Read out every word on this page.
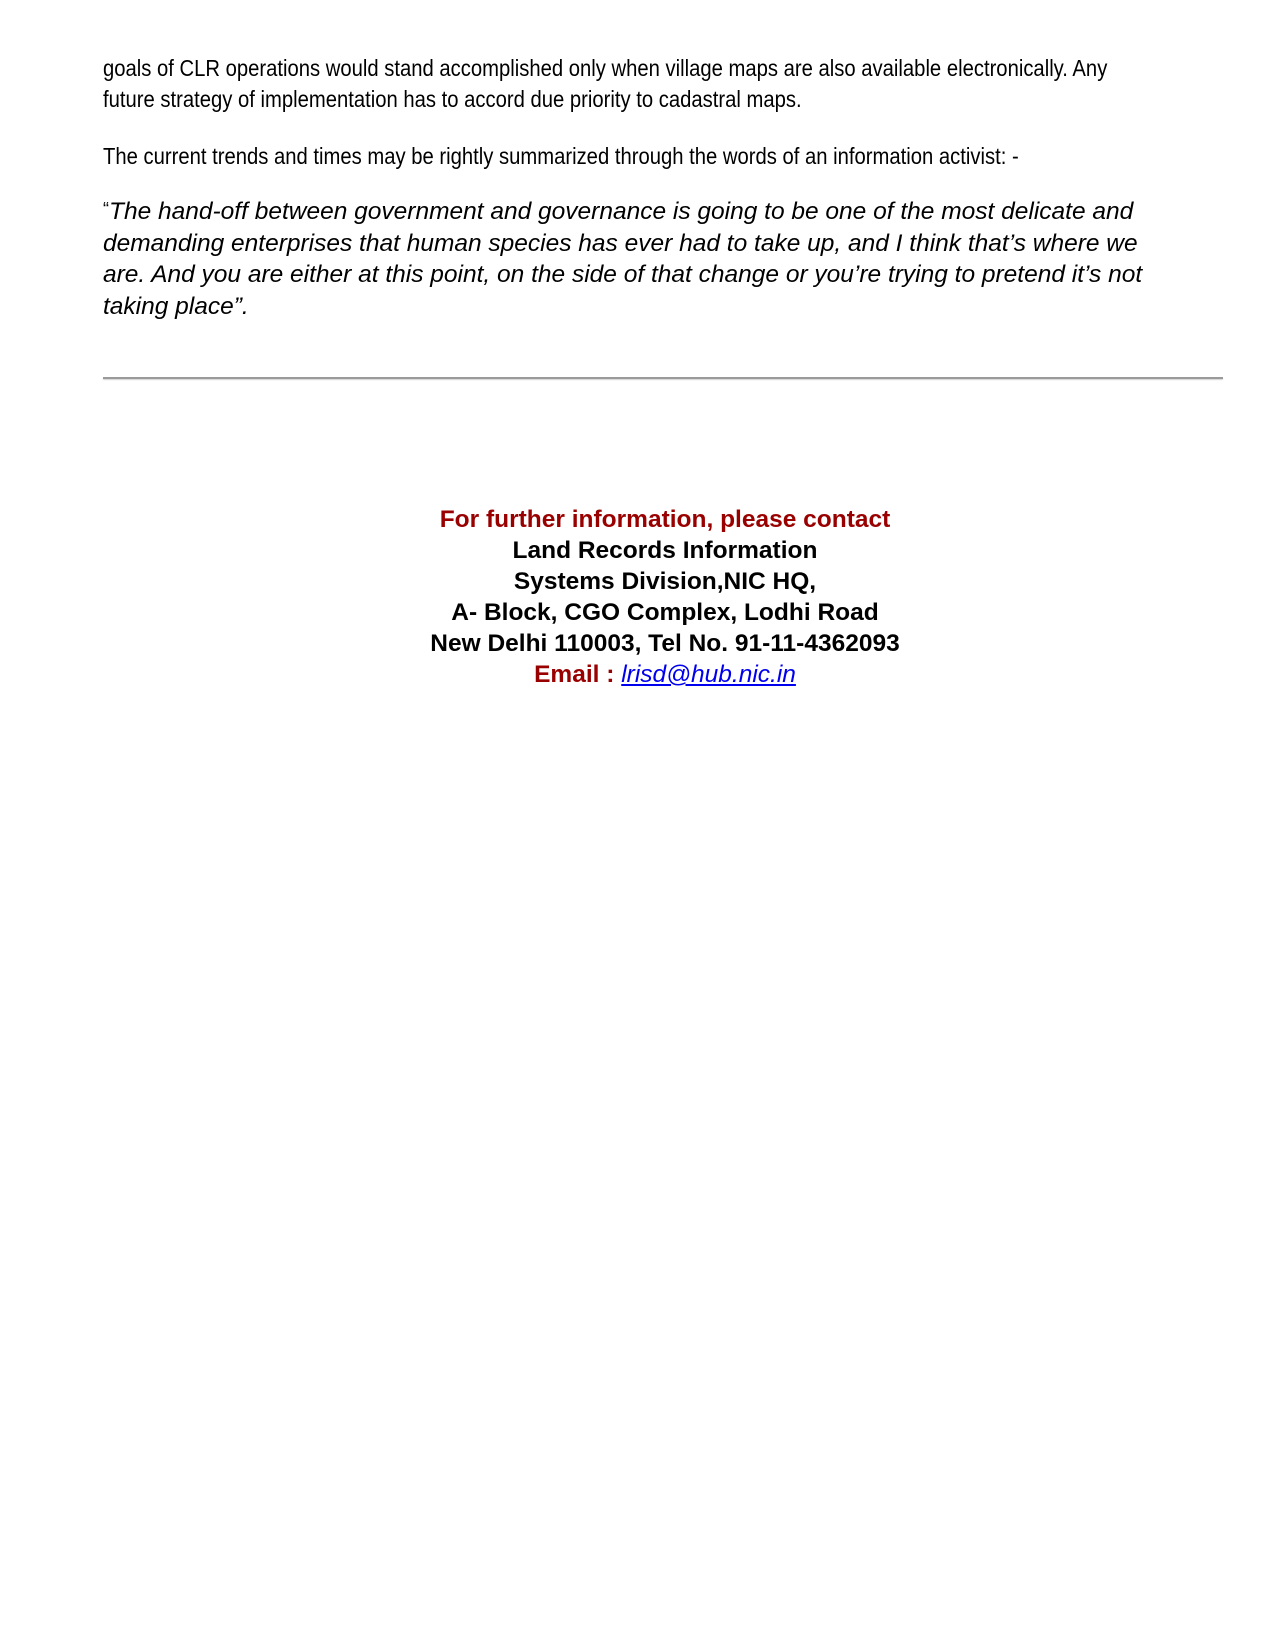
goals of CLR operations would stand accomplished only when village maps are also available electronically. Any
future strategy of implementation has to accord due priority to cadastral maps.

The current trends and times may be rightly summarized through the words of an information activist: -

“The hand-off between government and governance is going to be one of the most delicate and
demanding enterprises that human species has ever had to take up, and I think that’s where we
are. And you are either at this point, on the side of that change or you’re trying to pretend it’s not
taking place”.

For further information, please contact
Land Records Information
Systems Division,NIC HQ,
A- Block, CGO Complex, Lodhi Road
New Delhi 110003, Tel No. 91-11-4362093
Email : lrisd@hub.nic.in
